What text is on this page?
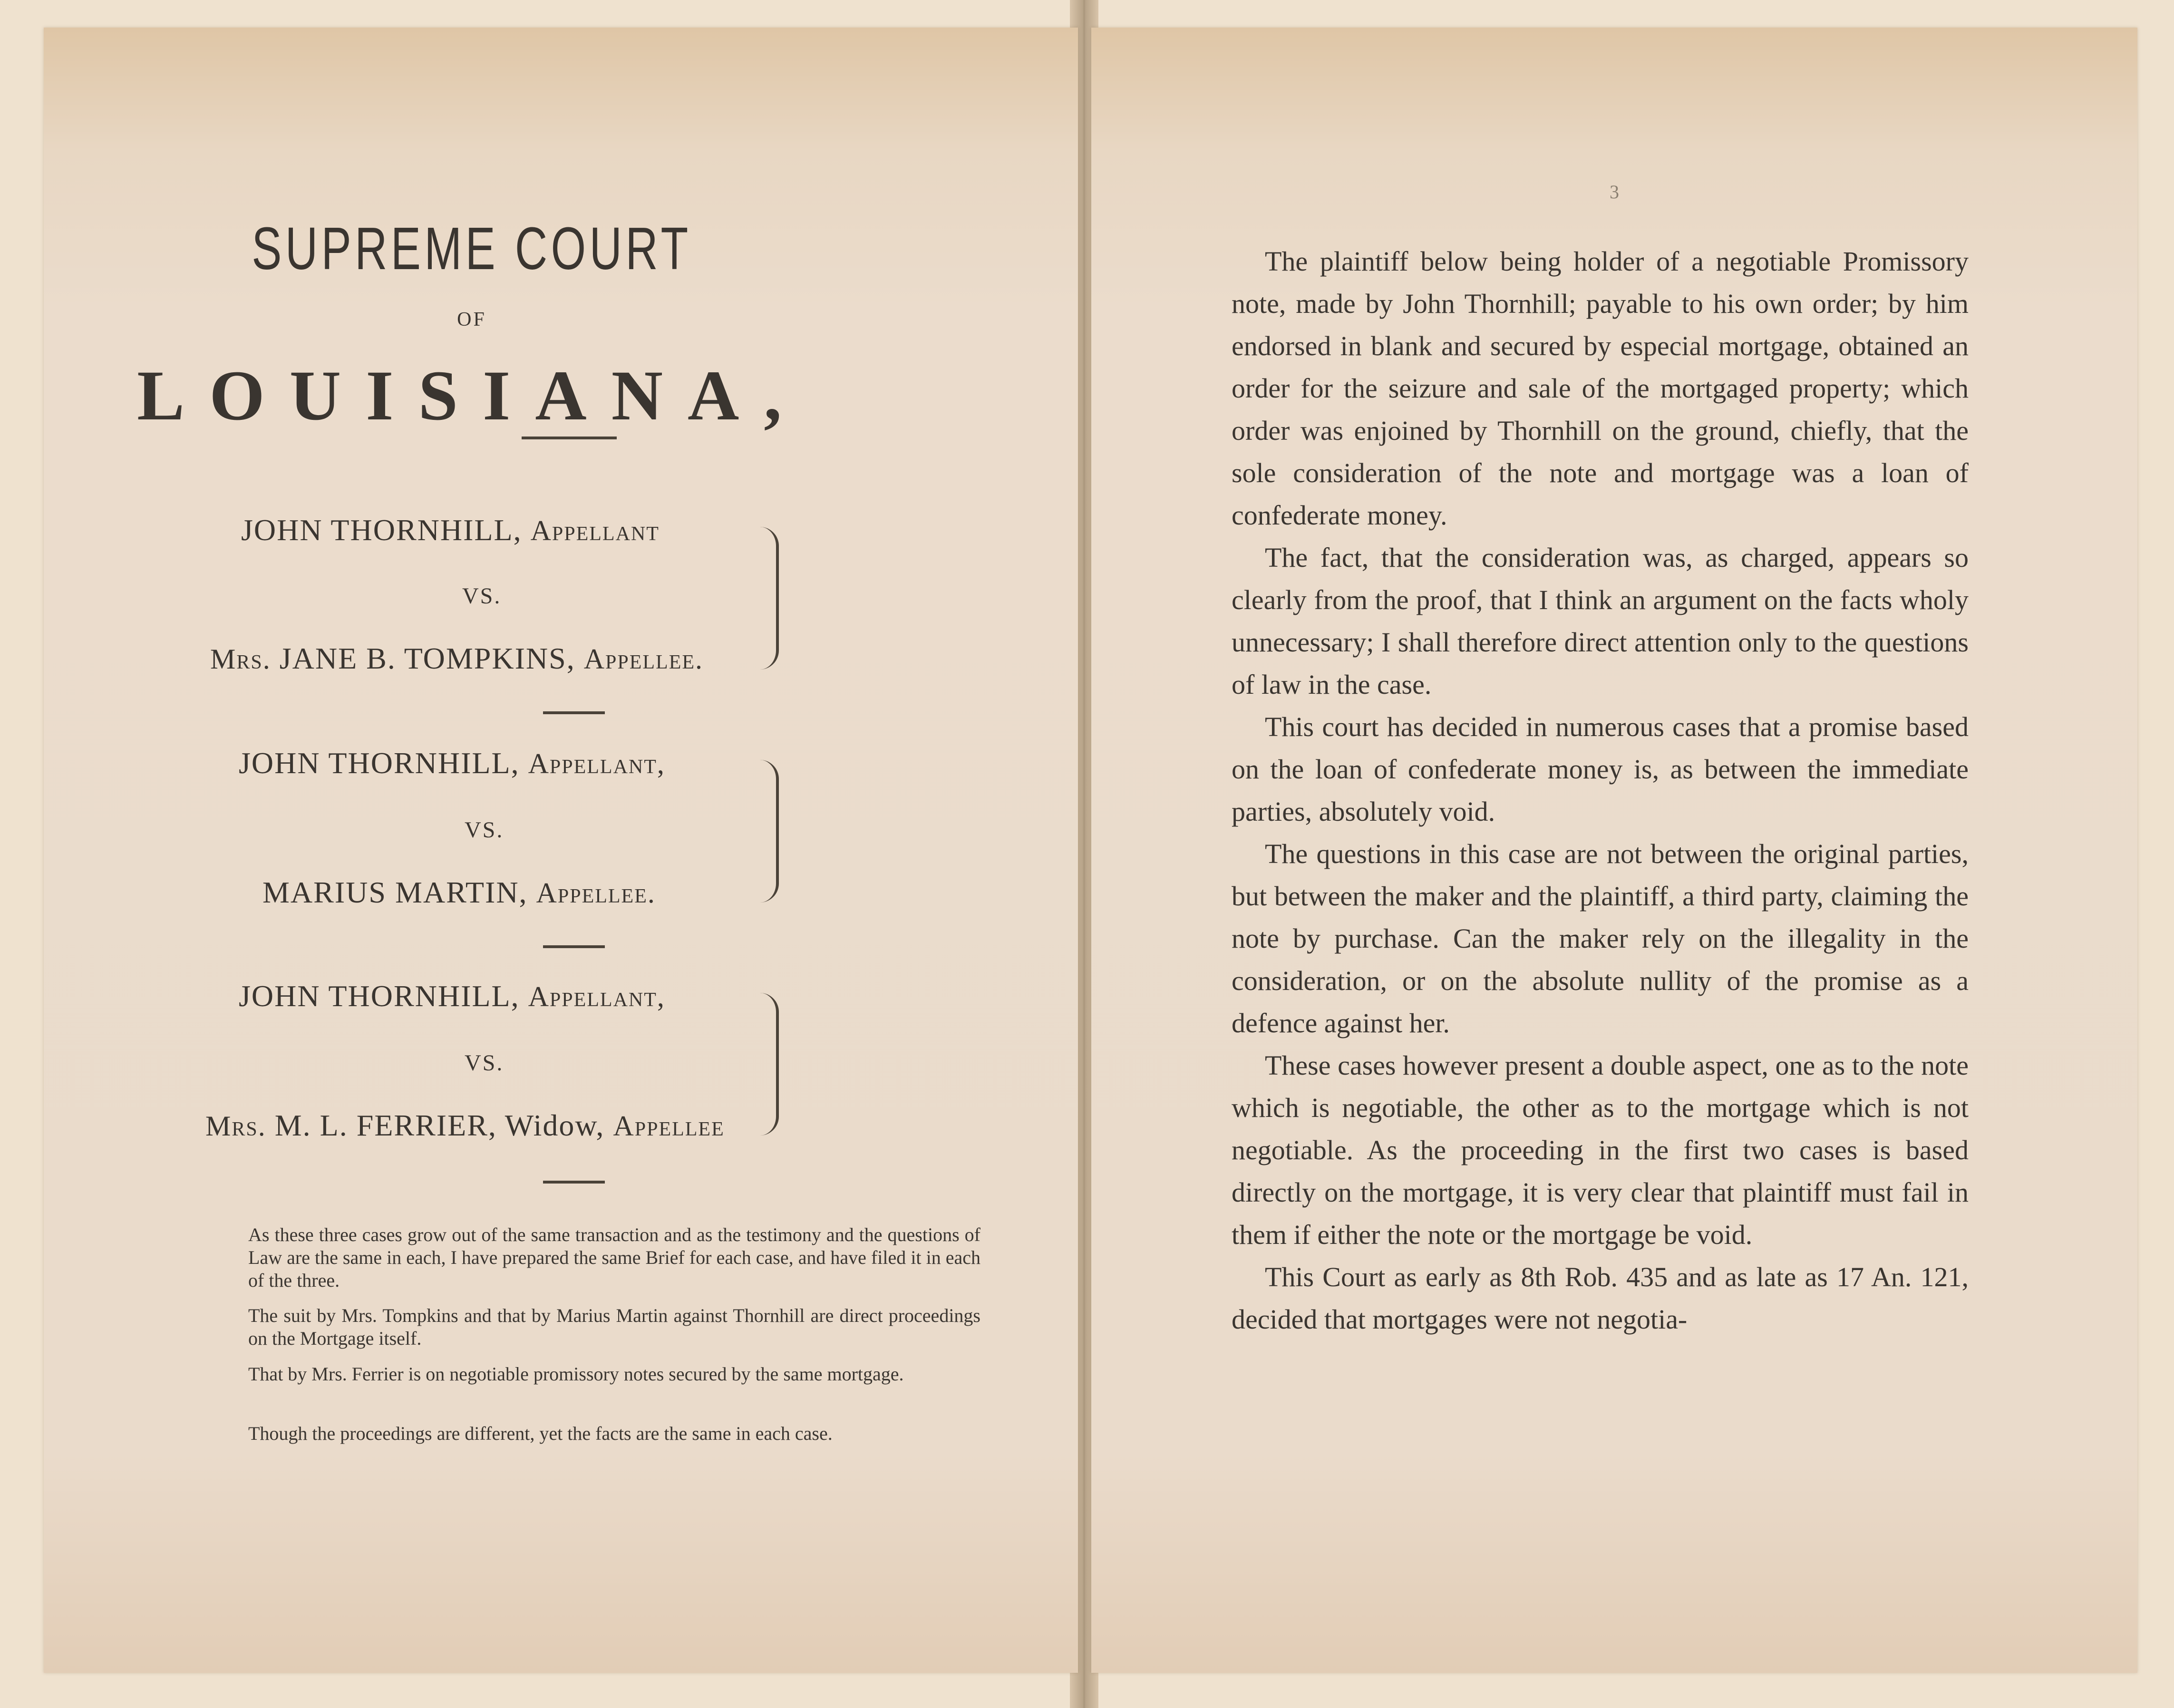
SUPREME COURT
OF
LOUISIANA,
JOHN THORNHILL, Appellant
VS.
Mrs. JANE B. TOMPKINS, Appellee.
JOHN THORNHILL, Appellant,
VS.
MARIUS MARTIN, Appellee.
JOHN THORNHILL, Appellant,
VS.
Mrs. M. L. FERRIER, Widow, Appellee
As these three cases grow out of the same transaction and as the testimony and the questions of Law are the same in each, I have prepared the same Brief for each case, and have filed it in each of the three.
The suit by Mrs. Tompkins and that by Marius Martin against Thornhill are direct proceedings on the Mortgage itself.
That by Mrs. Ferrier is on negotiable promissory notes secured by the same mortgage.
Though the proceedings are different, yet the facts are the same in each case.
3

The plaintiff below being holder of a negotiable Promissory note, made by John Thornhill; payable to his own order; by him endorsed in blank and secured by especial mortgage, obtained an order for the seizure and sale of the mortgaged property; which order was enjoined by Thornhill on the ground, chiefly, that the sole consideration of the note and mortgage was a loan of confederate money.

The fact, that the consideration was, as charged, appears so clearly from the proof, that I think an argument on the facts wholy unnecessary; I shall therefore direct attention only to the questions of law in the case.

This court has decided in numerous cases that a promise based on the loan of confederate money is, as between the immediate parties, absolutely void.

The questions in this case are not between the original parties, but between the maker and the plaintiff, a third party, claiming the note by purchase. Can the maker rely on the illegality in the consideration, or on the absolute nullity of the promise as a defence against her.

These cases however present a double aspect, one as to the note which is negotiable, the other as to the mortgage which is not negotiable. As the proceeding in the first two cases is based directly on the mortgage, it is very clear that plaintiff must fail in them if either the note or the mortgage be void.

This Court as early as 8th Rob. 435 and as late as 17 An. 121, decided that mortgages were not negotia-
